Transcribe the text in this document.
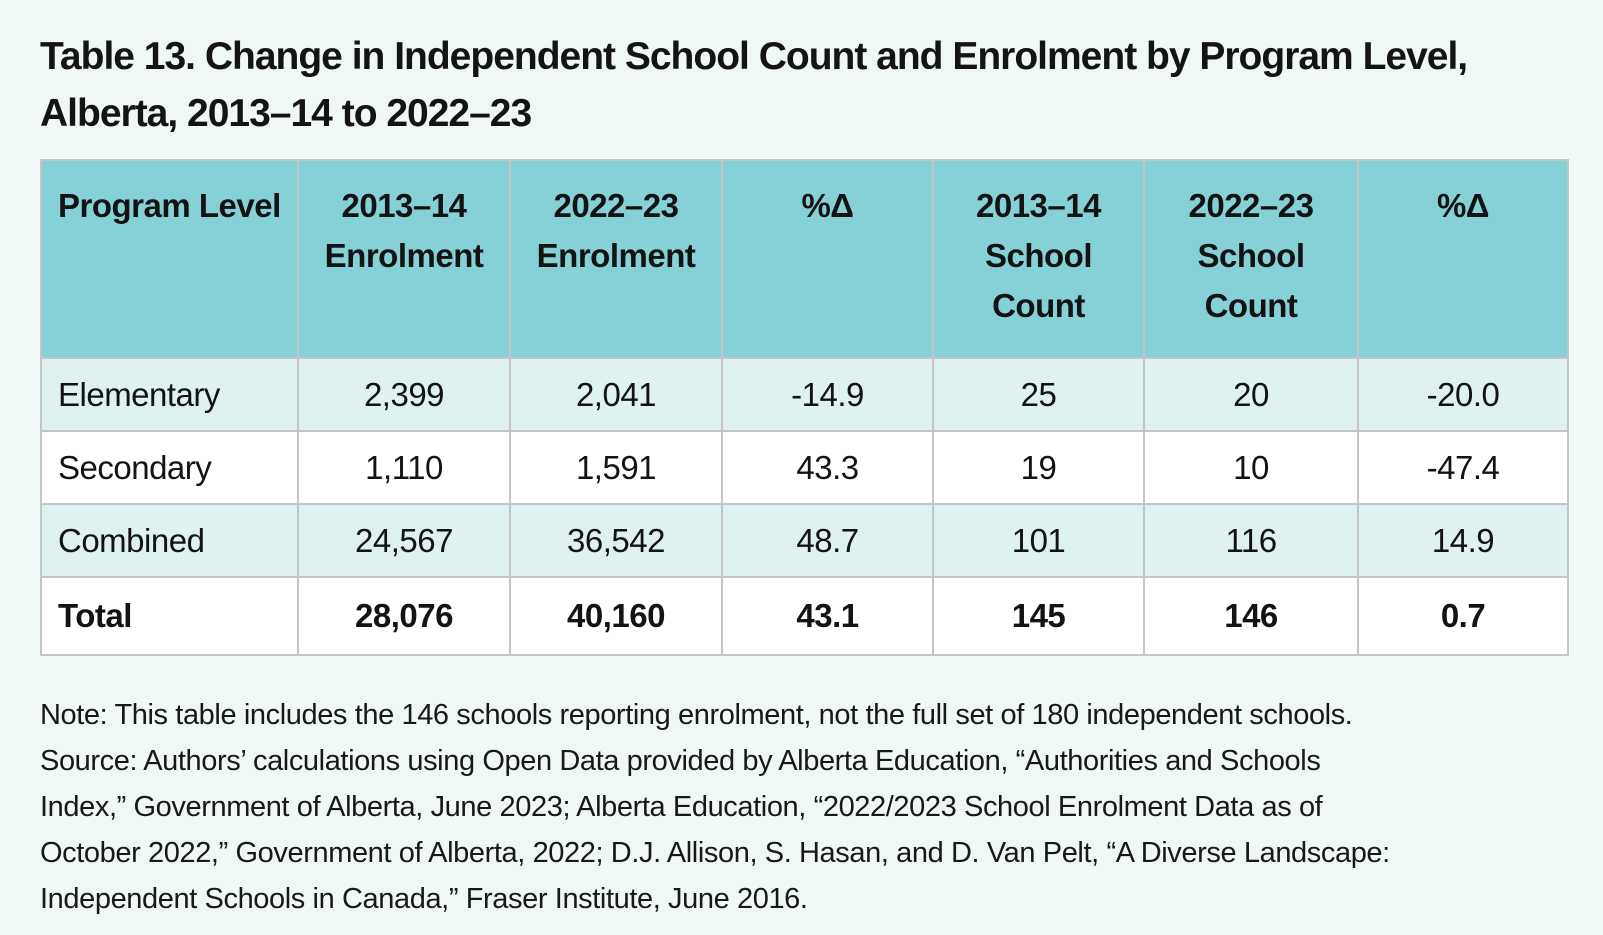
Table 13. Change in Independent School Count and Enrolment by Program Level,
Alberta, 2013–14 to 2022–23
Program Level	2013–14 Enrolment	2022–23 Enrolment	%Δ	2013–14 School Count	2022–23 School Count	%Δ
Elementary	2,399	2,041	-14.9	25	20	-20.0
Secondary	1,110	1,591	43.3	19	10	-47.4
Combined	24,567	36,542	48.7	101	116	14.9
Total	28,076	40,160	43.1	145	146	0.7
Note: This table includes the 146 schools reporting enrolment, not the full set of 180 independent schools.
Source: Authors’ calculations using Open Data provided by Alberta Education, “Authorities and Schools
Index,” Government of Alberta, June 2023; Alberta Education, “2022/2023 School Enrolment Data as of
October 2022,” Government of Alberta, 2022; D.J. Allison, S. Hasan, and D. Van Pelt, “A Diverse Landscape:
Independent Schools in Canada,” Fraser Institute, June 2016.
